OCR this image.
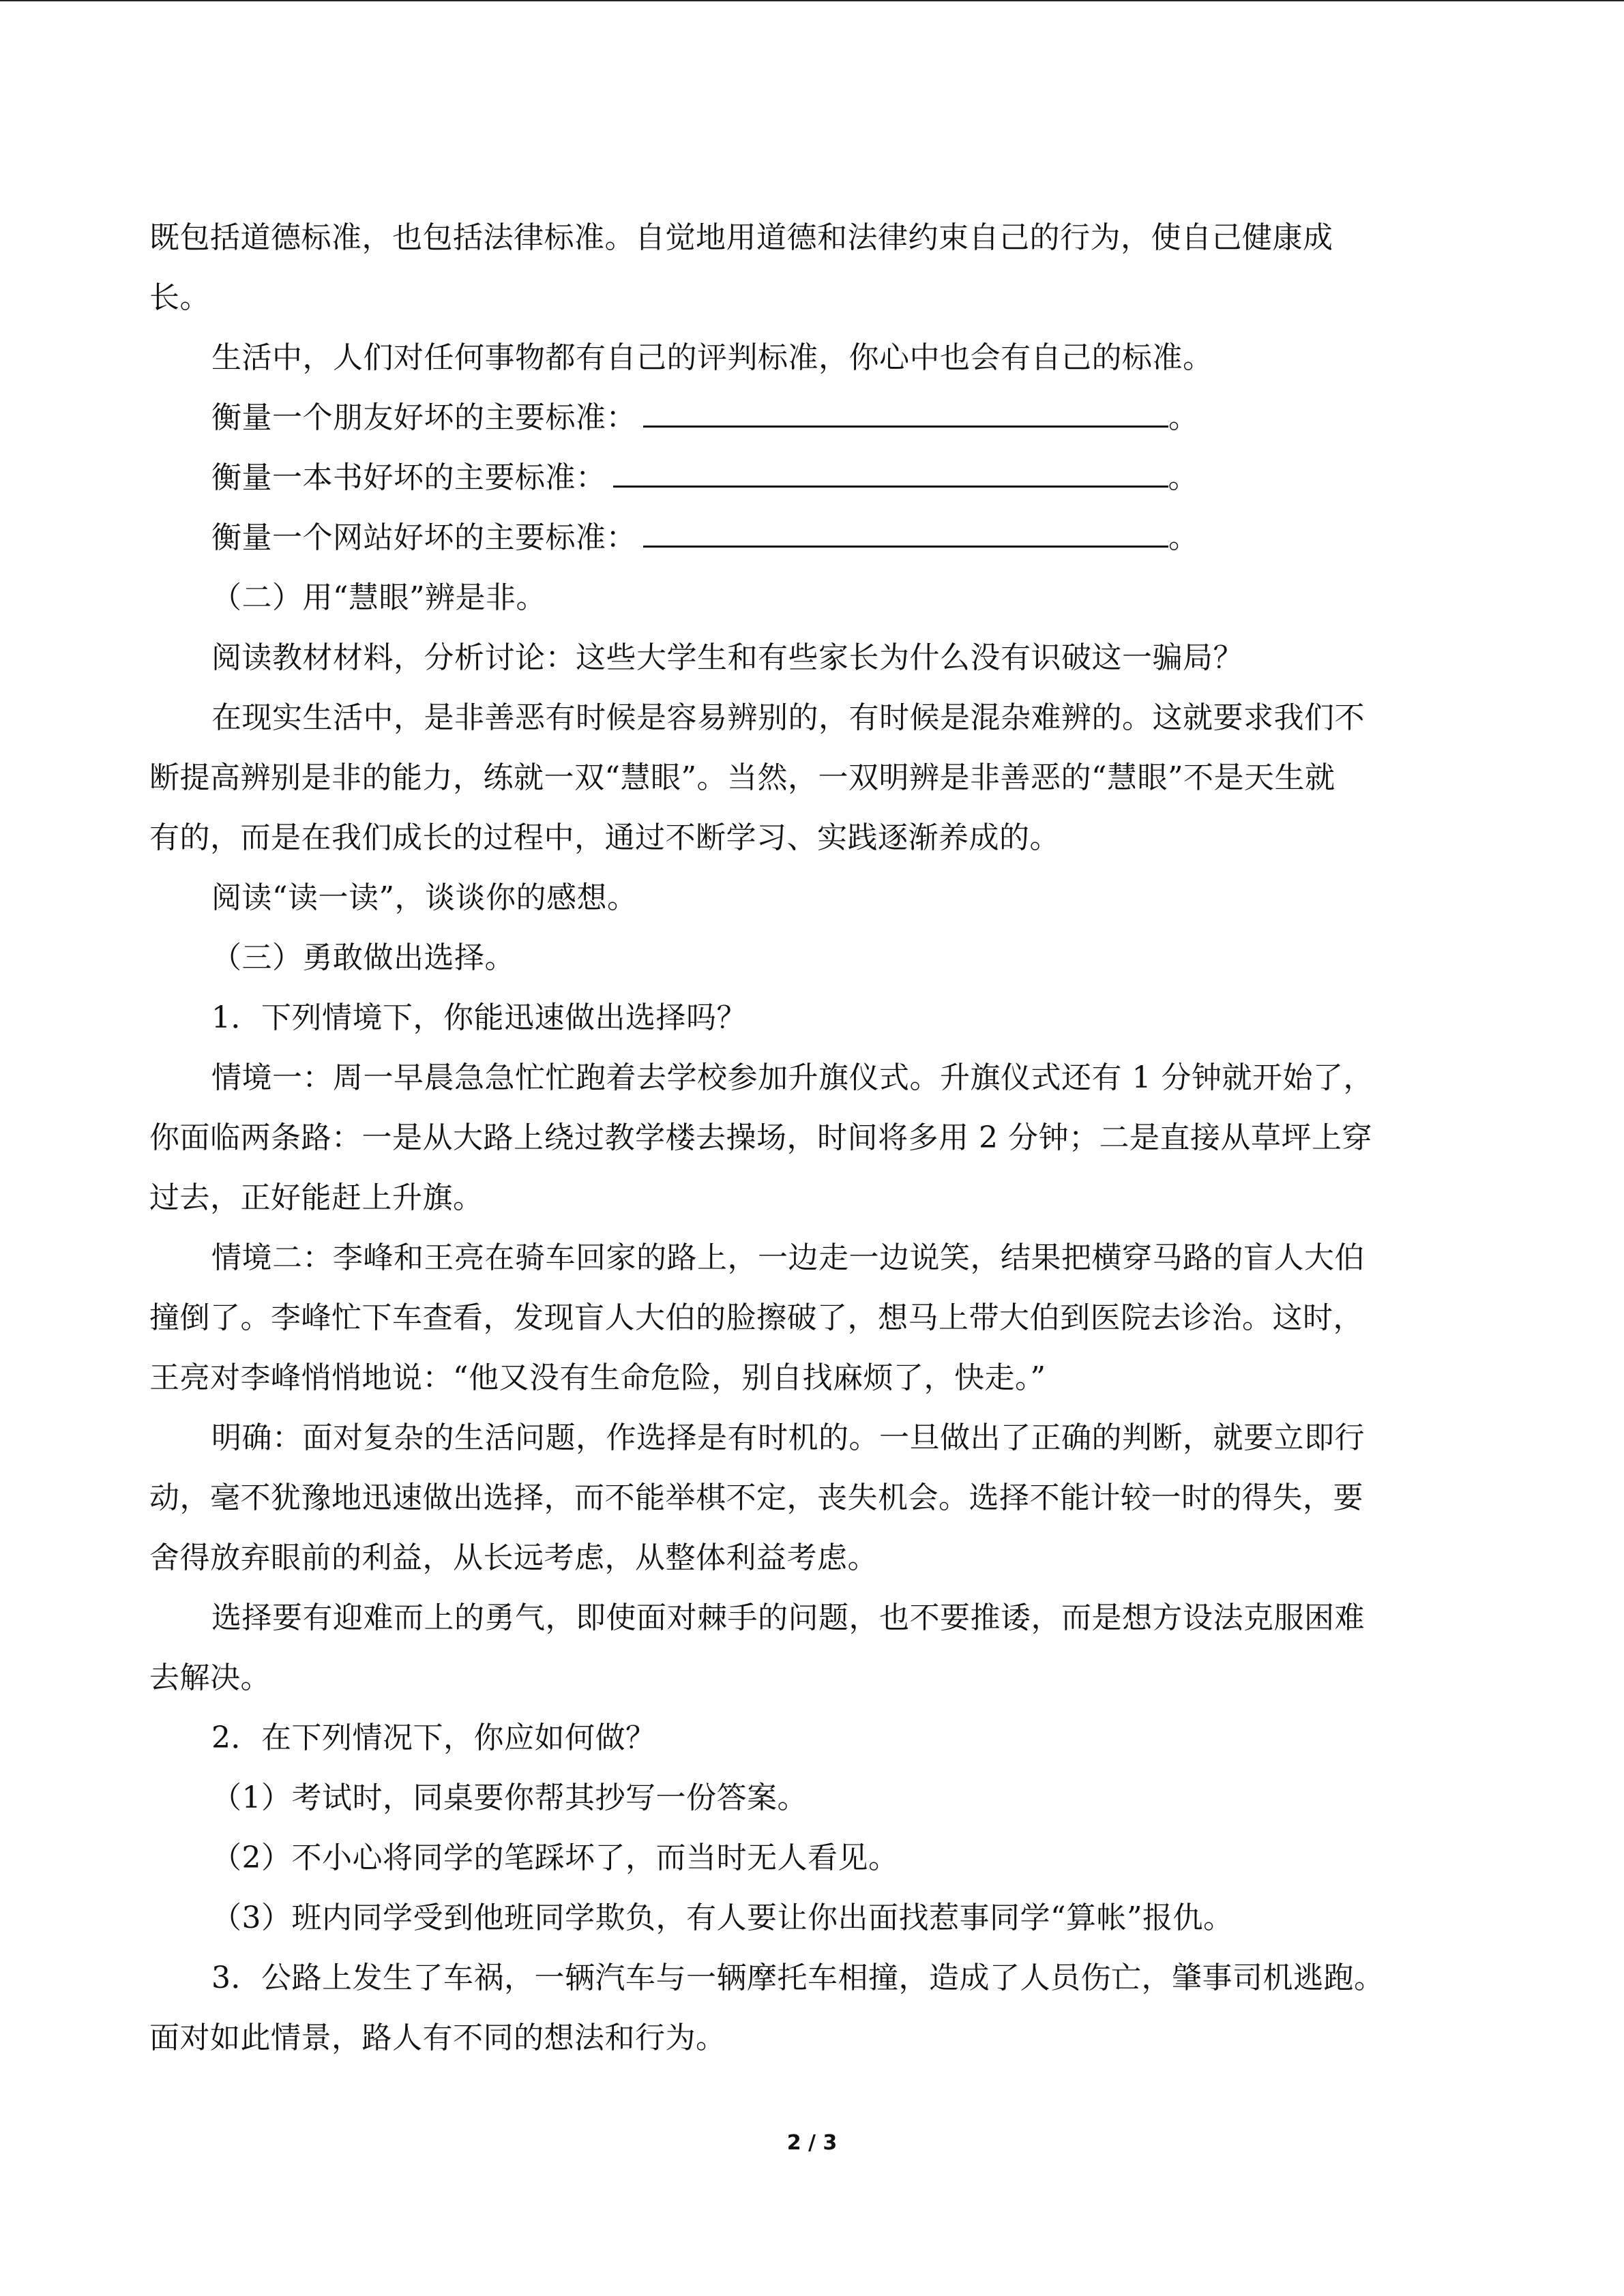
既包括道德标准，也包括法律标准。自觉地用道德和法律约束自己的行为，使自己健康成

长。

生活中，人们对任何事物都有自己的评判标准，你心中也会有自己的标准。

衡量一个朋友好坏的主要标准：	。

衡量一本书好坏的主要标准：	。

衡量一个网站好坏的主要标准：	。

（二）用“慧眼”辨是非。

阅读教材材料，分析讨论：这些大学生和有些家长为什么没有识破这一骗局？

在现实生活中，是非善恶有时候是容易辨别的，有时候是混杂难辨的。这就要求我们不

断提高辨别是非的能力，练就一双“慧眼”。当然，一双明辨是非善恶的“慧眼”不是天生就

有的，而是在我们成长的过程中，通过不断学习、实践逐渐养成的。

阅读“读一读”，谈谈你的感想。

（三）勇敢做出选择。

1．下列情境下，你能迅速做出选择吗？

情境一：周一早晨急急忙忙跑着去学校参加升旗仪式。升旗仪式还有 1 分钟就开始了，

你面临两条路：一是从大路上绕过教学楼去操场，时间将多用 2 分钟；二是直接从草坪上穿

过去，正好能赶上升旗。

情境二：李峰和王亮在骑车回家的路上，一边走一边说笑，结果把横穿马路的盲人大伯

撞倒了。李峰忙下车查看，发现盲人大伯的脸擦破了，想马上带大伯到医院去诊治。这时，

王亮对李峰悄悄地说：“他又没有生命危险，别自找麻烦了，快走。”

明确：面对复杂的生活问题，作选择是有时机的。一旦做出了正确的判断，就要立即行

动，毫不犹豫地迅速做出选择，而不能举棋不定，丧失机会。选择不能计较一时的得失，要

舍得放弃眼前的利益，从长远考虑，从整体利益考虑。

选择要有迎难而上的勇气，即使面对棘手的问题，也不要推诿，而是想方设法克服困难

去解决。

2．在下列情况下，你应如何做？

（1）考试时，同桌要你帮其抄写一份答案。

（2）不小心将同学的笔踩坏了，而当时无人看见。

（3）班内同学受到他班同学欺负，有人要让你出面找惹事同学“算帐”报仇。

3．公路上发生了车祸，一辆汽车与一辆摩托车相撞，造成了人员伤亡，肇事司机逃跑。

面对如此情景，路人有不同的想法和行为。

2 / 3
